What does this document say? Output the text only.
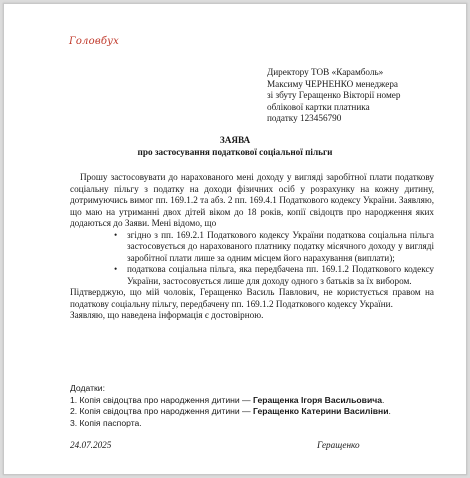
Головбух
Директору ТОВ «Карамболь»
Максиму ЧЕРНЕНКО менеджера
зі збуту Геращенко Вікторії номер
облікової картки платника
податку 123456790
ЗАЯВА
про застосування податкової соціальної пільги

Прошу застосовувати до нарахованого мені доходу у вигляді заробітної плати податкову соціальну пільгу з податку на доходи фізичних осіб у розрахунку на кожну дитину, дотримуючись вимог пп. 169.1.2 та абз. 2 пп. 169.4.1 Податкового кодексу України. Заявляю, що маю на утриманні двох дітей віком до 18 років, копії свідоцтв про народження яких додаються до Заяви. Мені відомо, що

• згідно з пп. 169.2.1 Податкового кодексу України податкова соціальна пільга застосовується до нарахованого платнику податку місячного доходу у вигляді заробітної плати лише за одним місцем його нарахування (виплати);
• податкова соціальна пільга, яка передбачена пп. 169.1.2 Податкового кодексу України, застосовується лише для доходу одного з батьків за їх вибором.

Підтверджую, що мій чоловік, Геращенко Василь Павлович, не користується правом на податкову соціальну пільгу, передбачену пп. 169.1.2 Податкового кодексу України.

Заявляю, що наведена інформація є достовірною.

Додатки:
1. Копія свідоцтва про народження дитини — Геращенка Ігоря Васильовича.
2. Копія свідоцтва про народження дитини — Геращенко Катерини Василівни.
3. Копія паспорта.
24.07.2025	Геращенко
